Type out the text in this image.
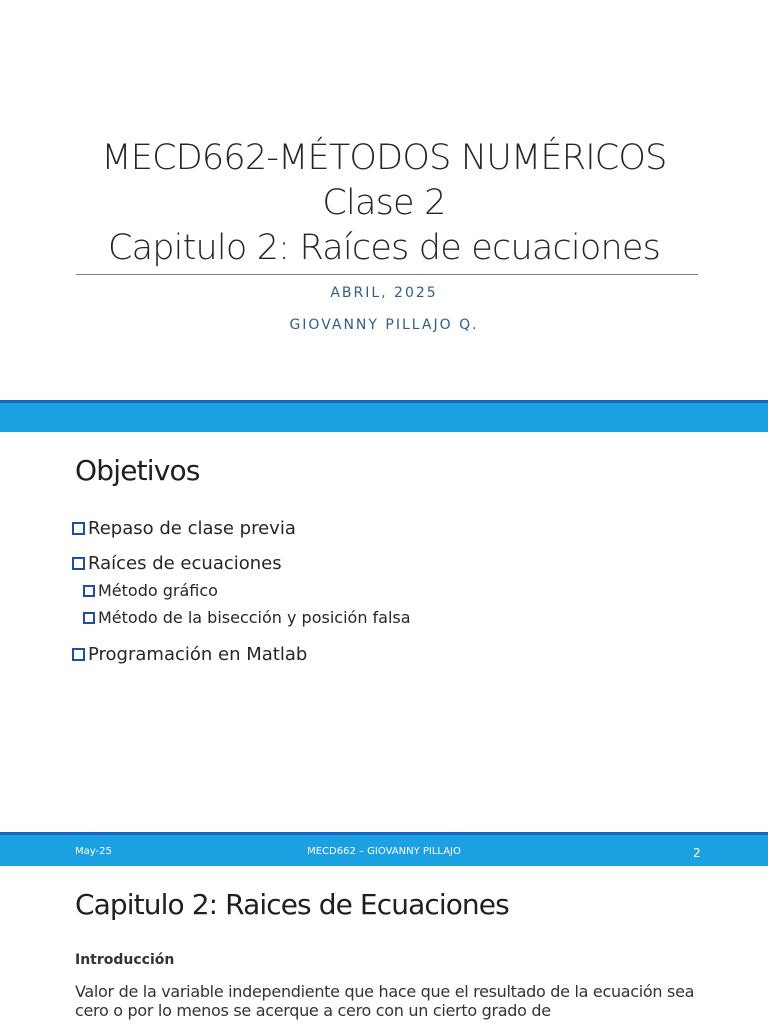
MECD662-MÉTODOS NUMÉRICOS
Clase 2
Capitulo 2: Raíces de ecuaciones
ABRIL, 2025
GIOVANNY PILLAJO Q.
Objetivos
Repaso de clase previa
Raíces de ecuaciones
Método gráfico
Método de la bisección y posición falsa
Programación en Matlab
May-25	MECD662 – GIOVANNY PILLAJO	2
Capitulo 2: Raices de Ecuaciones
Introducción
Valor de la variable independiente que hace que el resultado de la ecuación sea cero o por lo menos se acerque a cero con un cierto grado de
